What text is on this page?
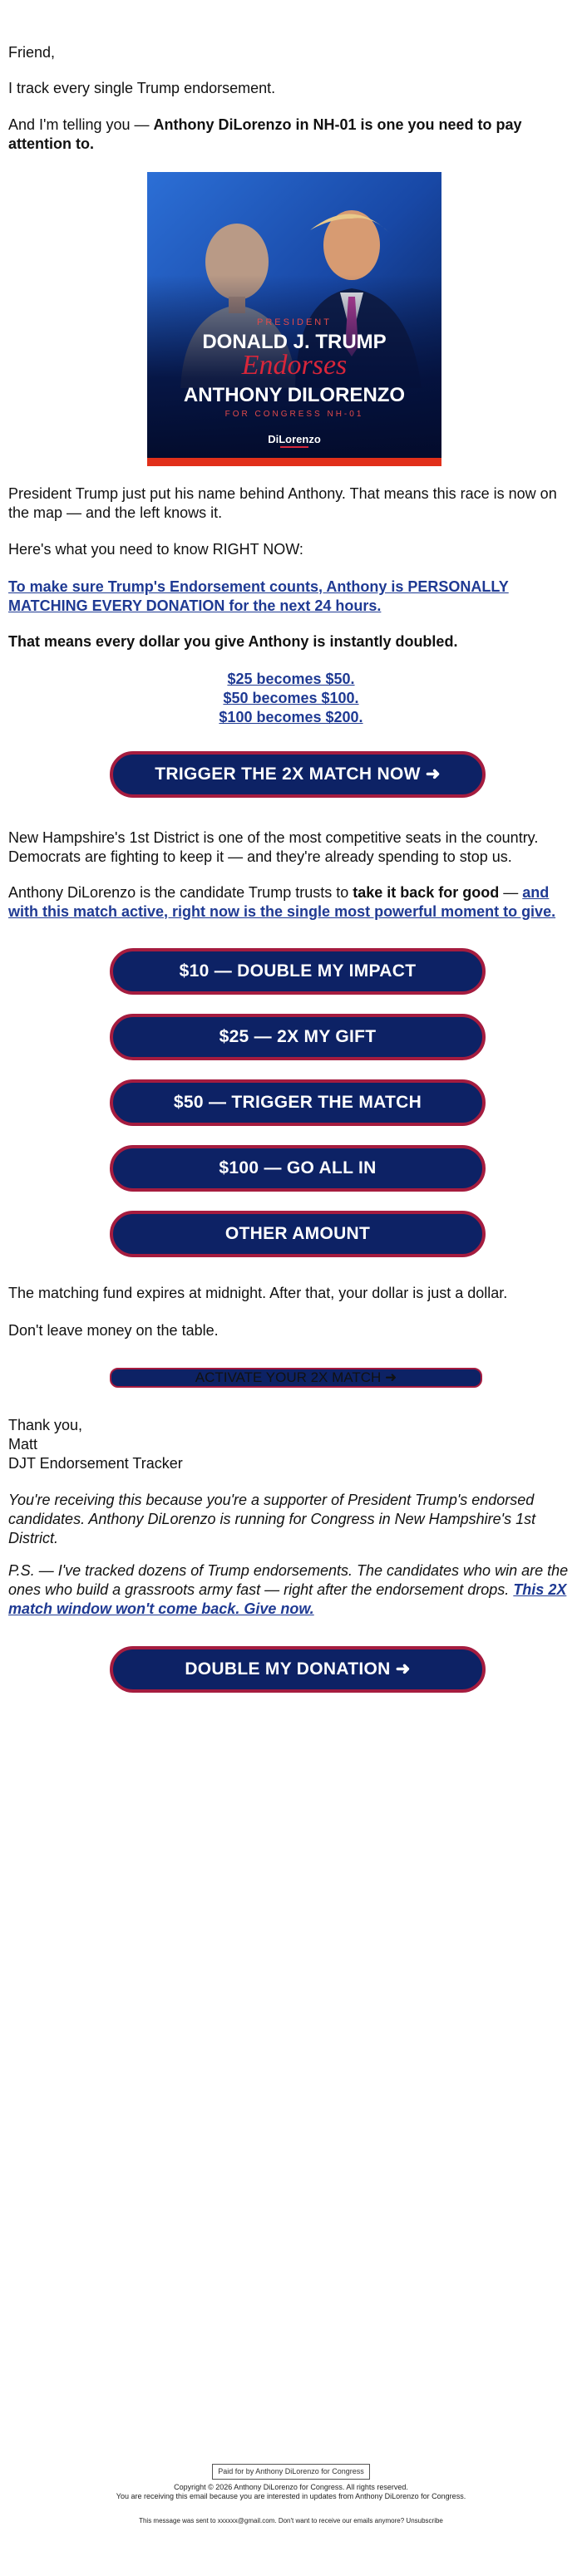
Friend,

I track every single Trump endorsement.

And I'm telling you — Anthony DiLorenzo in NH-01 is one you need to pay attention to.

PRESIDENT
DONALD J. TRUMP
Endorses
ANTHONY DILORENZO
FOR CONGRESS NH-01
DiLorenzo

President Trump just put his name behind Anthony. That means this race is now on the map — and the left knows it.

Here's what you need to know RIGHT NOW:

To make sure Trump's Endorsement counts, Anthony is PERSONALLY MATCHING EVERY DONATION for the next 24 hours.

That means every dollar you give Anthony is instantly doubled.

$25 becomes $50.

$50 becomes $100.

$100 becomes $200.

TRIGGER THE 2X MATCH NOW ➜

New Hampshire's 1st District is one of the most competitive seats in the country. Democrats are fighting to keep it — and they're already spending to stop us.

Anthony DiLorenzo is the candidate Trump trusts to take it back for good — and with this match active, right now is the single most powerful moment to give.

$10 — DOUBLE MY IMPACT
$25 — 2X MY GIFT
$50 — TRIGGER THE MATCH
$100 — GO ALL IN
OTHER AMOUNT

The matching fund expires at midnight. After that, your dollar is just a dollar.

Don't leave money on the table.

ACTIVATE YOUR 2X MATCH ➜

Thank you,

Matt

DJT Endorsement Tracker

You're receiving this because you're a supporter of President Trump's endorsed candidates. Anthony DiLorenzo is running for Congress in New Hampshire's 1st District.

P.S. — I've tracked dozens of Trump endorsements. The candidates who win are the ones who build a grassroots army fast — right after the endorsement drops. This 2X match window won't come back. Give now.

DOUBLE MY DONATION ➜
Paid for by Anthony DiLorenzo for Congress
Copyright © 2026 Anthony DiLorenzo for Congress. All rights reserved.
You are receiving this email because you are interested in updates from Anthony DiLorenzo for Congress.
This message was sent to xxxxxx@gmail.com. Don't want to receive our emails anymore? Unsubscribe
